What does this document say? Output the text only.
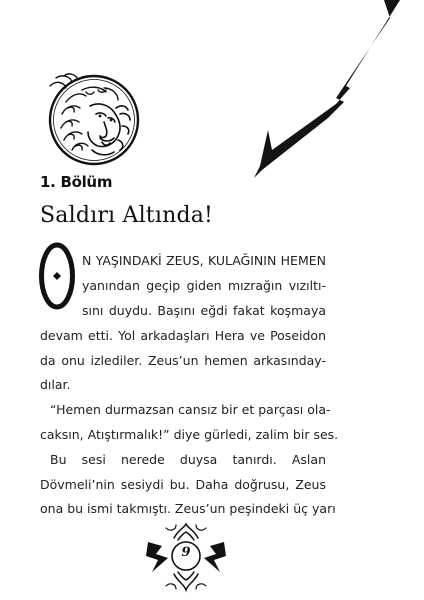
1. Bölüm
Saldırı Altında!
N YAŞINDAKİ ZEUS, KULAĞININ HEMEN
yanından geçip giden mızrağın vızıltı-
sını duydu. Başını eğdi fakat koşmaya
devam etti. Yol arkadaşları Hera ve Poseidon
da onu izlediler. Zeus’un hemen arkasınday-
dılar.
“Hemen durmazsan cansız bir et parçası ola-
caksın, Atıştırmalık!” diye gürledi, zalim bir ses.
Bu sesi nerede duysa tanırdı. Aslan
Dövmeli’nin sesiydi bu. Daha doğrusu, Zeus
ona bu ismi takmıştı. Zeus’un peşindeki üç yarı
9
